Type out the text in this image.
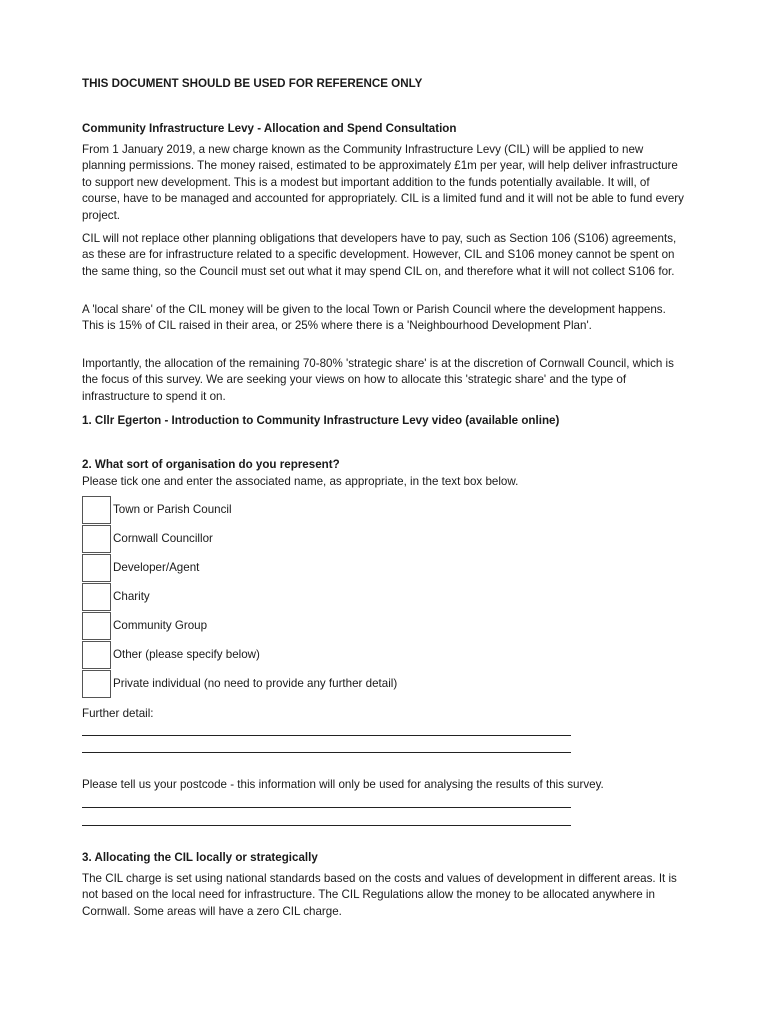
THIS DOCUMENT SHOULD BE USED FOR REFERENCE ONLY

Community Infrastructure Levy - Allocation and Spend Consultation

From 1 January 2019, a new charge known as the Community Infrastructure Levy (CIL) will be applied to new planning permissions. The money raised, estimated to be approximately £1m per year, will help deliver infrastructure to support new development. This is a modest but important addition to the funds potentially available. It will, of course, have to be managed and accounted for appropriately. CIL is a limited fund and it will not be able to fund every project.

CIL will not replace other planning obligations that developers have to pay, such as Section 106 (S106) agreements, as these are for infrastructure related to a specific development. However, CIL and S106 money cannot be spent on the same thing, so the Council must set out what it may spend CIL on, and therefore what it will not collect S106 for.

A 'local share' of the CIL money will be given to the local Town or Parish Council where the development happens. This is 15% of CIL raised in their area, or 25% where there is a 'Neighbourhood Development Plan'.

Importantly, the allocation of the remaining 70-80% 'strategic share' is at the discretion of Cornwall Council, which is the focus of this survey. We are seeking your views on how to allocate this 'strategic share' and the type of infrastructure to spend it on.

1. Cllr Egerton - Introduction to Community Infrastructure Levy video (available online)

2. What sort of organisation do you represent?

Please tick one and enter the associated name, as appropriate, in the text box below.

Town or Parish Council
Cornwall Councillor
Developer/Agent
Charity
Community Group
Other (please specify below)
Private individual (no need to provide any further detail)

Further detail:

Please tell us your postcode - this information will only be used for analysing the results of this survey.

3. Allocating the CIL locally or strategically

The CIL charge is set using national standards based on the costs and values of development in different areas. It is not based on the local need for infrastructure. The CIL Regulations allow the money to be allocated anywhere in Cornwall. Some areas will have a zero CIL charge.
